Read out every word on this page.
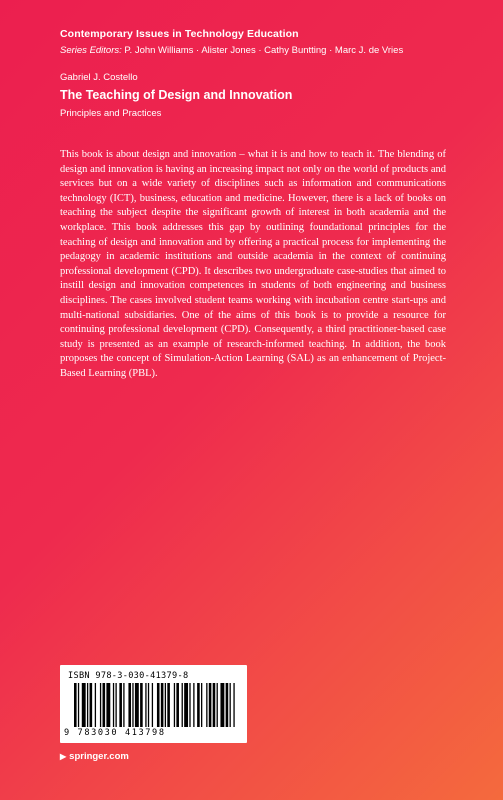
Contemporary Issues in Technology Education
Series Editors: P. John Williams · Alister Jones · Cathy Buntting · Marc J. de Vries
Gabriel J. Costello
The Teaching of Design and Innovation
Principles and Practices

This book is about design and innovation – what it is and how to teach it. The blending of design and innovation is having an increasing impact not only on the world of products and services but on a wide variety of disciplines such as information and communications technology (ICT), business, education and medicine. However, there is a lack of books on teaching the subject despite the significant growth of interest in both academia and the workplace. This book addresses this gap by outlining foundational principles for the teaching of design and innovation and by offering a practical process for implementing the pedagogy in academic institutions and outside academia in the context of continuing professional development (CPD). It describes two undergraduate case-studies that aimed to instill design and innovation competences in students of both engineering and business disciplines. The cases involved student teams working with incubation centre start-ups and multi-national subsidiaries. One of the aims of this book is to provide a resource for continuing professional development (CPD). Consequently, a third practitioner-based case study is presented as an example of research-informed teaching. In addition, the book proposes the concept of Simulation-Action Learning (SAL) as an enhancement of Project-Based Learning (PBL).

ISBN 978-3-030-41379-8
9 783030 413798
▶ springer.com
